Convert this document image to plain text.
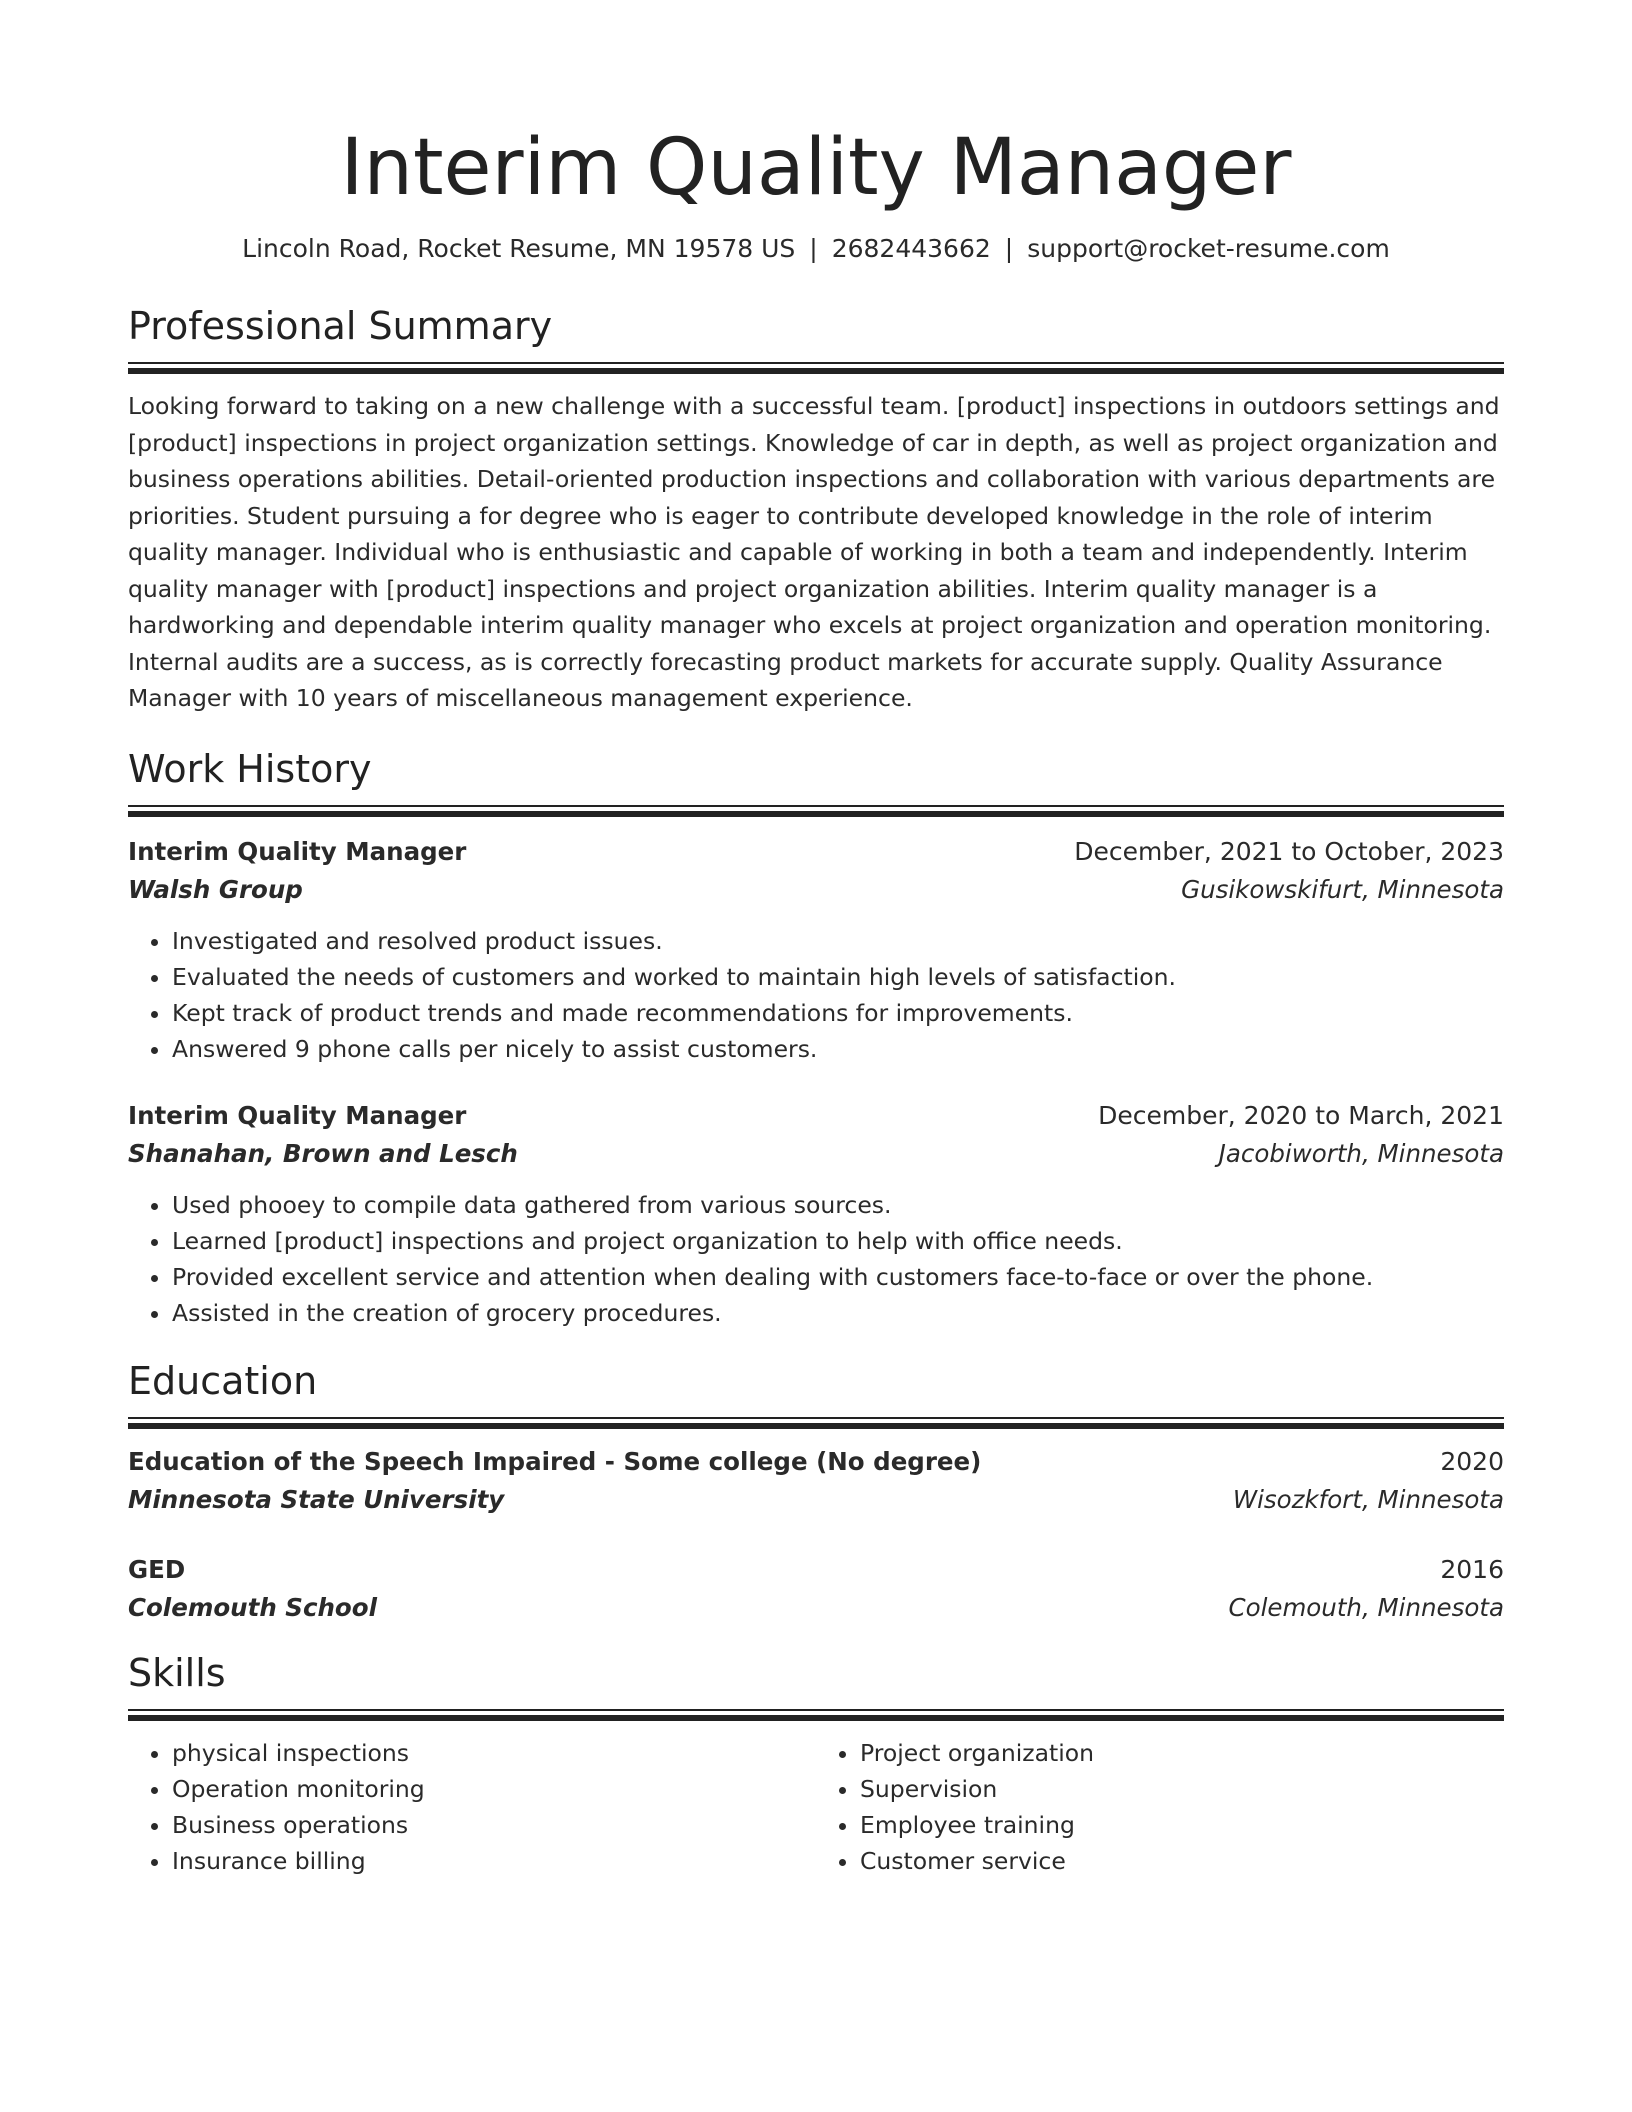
Interim Quality Manager
Lincoln Road, Rocket Resume, MN 19578 US | 2682443662 | support@rocket-resume.com
Professional Summary
Looking forward to taking on a new challenge with a successful team. [product] inspections in outdoors settings and [product] inspections in project organization settings. Knowledge of car in depth, as well as project organization and business operations abilities. Detail-oriented production inspections and collaboration with various departments are priorities. Student pursuing a for degree who is eager to contribute developed knowledge in the role of interim quality manager. Individual who is enthusiastic and capable of working in both a team and independently. Interim quality manager with [product] inspections and project organization abilities. Interim quality manager is a hardworking and dependable interim quality manager who excels at project organization and operation monitoring. Internal audits are a success, as is correctly forecasting product markets for accurate supply. Quality Assurance Manager with 10 years of miscellaneous management experience.
Work History
Interim Quality Manager	December, 2021 to October, 2023
Walsh Group	Gusikowskifurt, Minnesota
• Investigated and resolved product issues.
• Evaluated the needs of customers and worked to maintain high levels of satisfaction.
• Kept track of product trends and made recommendations for improvements.
• Answered 9 phone calls per nicely to assist customers.
Interim Quality Manager	December, 2020 to March, 2021
Shanahan, Brown and Lesch	Jacobiworth, Minnesota
• Used phooey to compile data gathered from various sources.
• Learned [product] inspections and project organization to help with office needs.
• Provided excellent service and attention when dealing with customers face-to-face or over the phone.
• Assisted in the creation of grocery procedures.
Education
Education of the Speech Impaired - Some college (No degree)	2020
Minnesota State University	Wisozkfort, Minnesota
GED	2016
Colemouth School	Colemouth, Minnesota
Skills
• physical inspections
• Operation monitoring
• Business operations
• Insurance billing
• Project organization
• Supervision
• Employee training
• Customer service
